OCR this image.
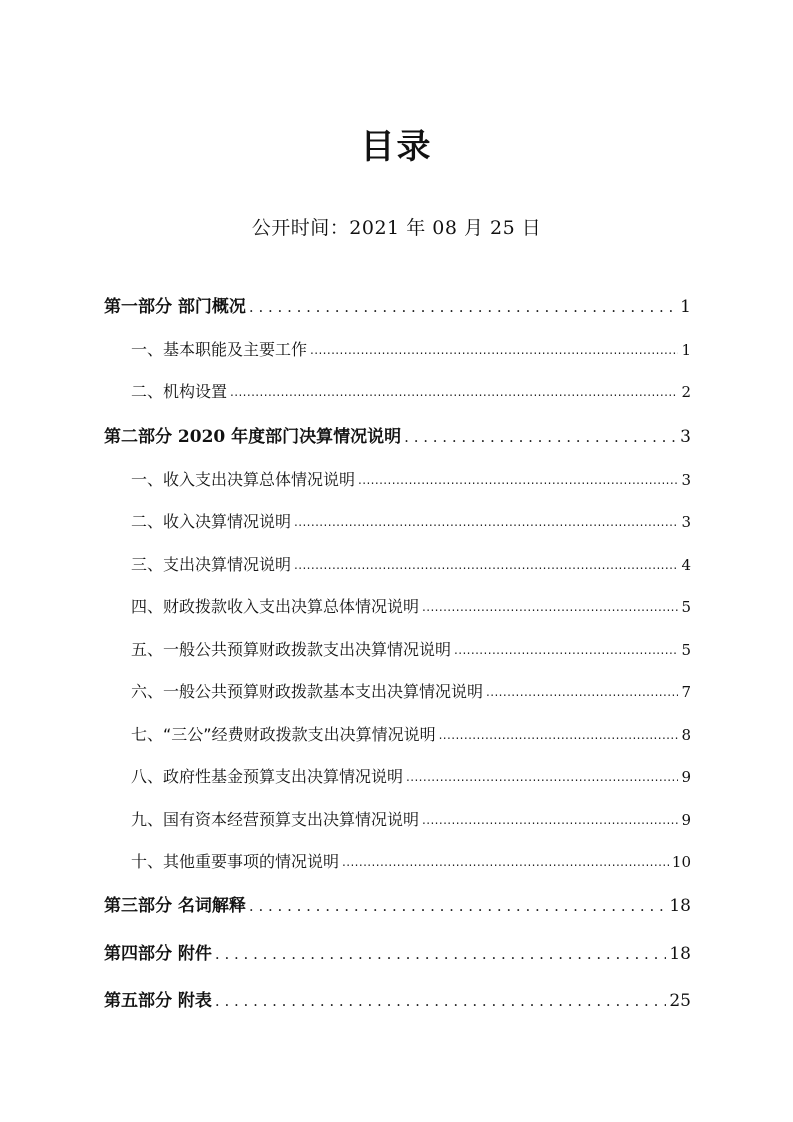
目录
公开时间：2021 年 08 月 25 日
第一部分 部门概况 . . .	1
一、基本职能及主要工作 .....	1
二、机构设置 .....	2
第二部分 2020 年度部门决算情况说明 . . .	3
一、收入支出决算总体情况说明 .....	3
二、收入决算情况说明 .....	3
三、支出决算情况说明 .....	4
四、财政拨款收入支出决算总体情况说明 .....	5
五、一般公共预算财政拨款支出决算情况说明 .....	5
六、一般公共预算财政拨款基本支出决算情况说明 .....	7
七、“三公”经费财政拨款支出决算情况说明 .....	8
八、政府性基金预算支出决算情况说明 .....	9
九、国有资本经营预算支出决算情况说明 .....	9
十、其他重要事项的情况说明 .....	10
第三部分 名词解释 . . .	18
第四部分 附件 . . .	18
第五部分 附表 . . .	25
